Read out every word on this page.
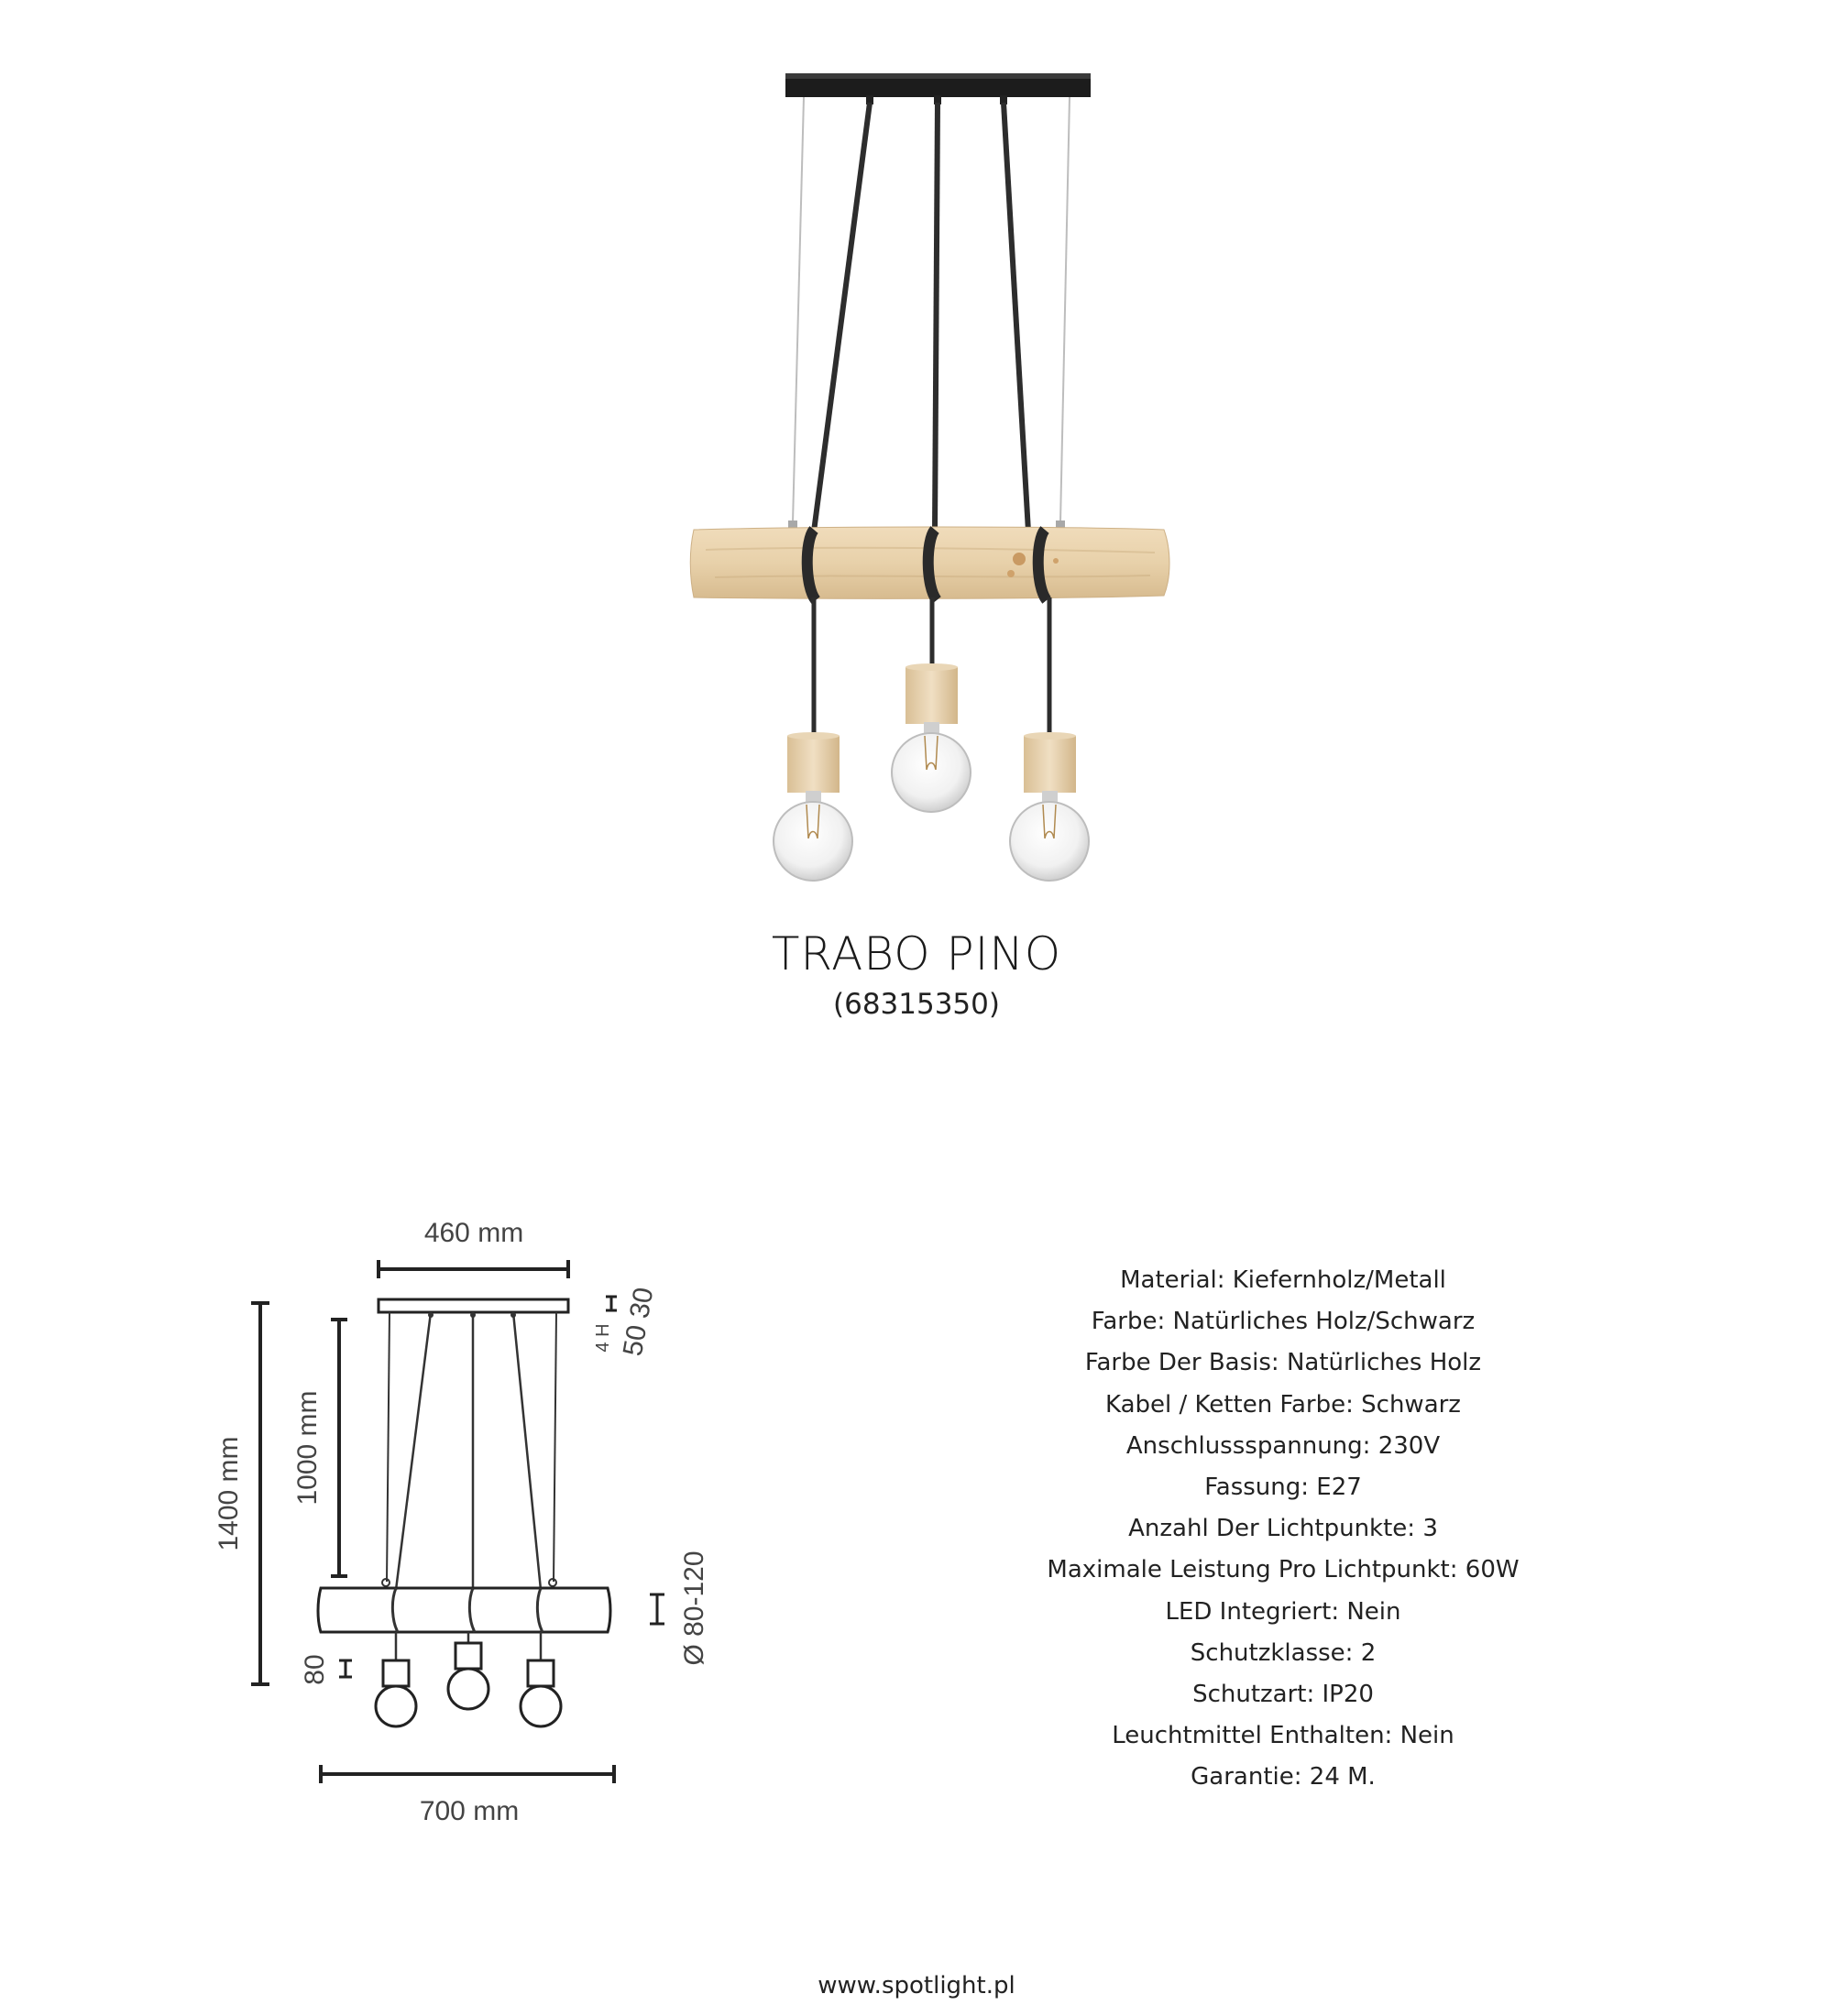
TRABO PINO
(68315350)
460 mm
1400 mm 1000 mm
4 H 50 30
Ø 80-120
80
700 mm
Material: Kiefernholz/Metall
Farbe: Natürliches Holz/Schwarz
Farbe Der Basis: Natürliches Holz
Kabel / Ketten Farbe: Schwarz
Anschlussspannung: 230V
Fassung: E27
Anzahl Der Lichtpunkte: 3
Maximale Leistung Pro Lichtpunkt: 60W
LED Integriert: Nein
Schutzklasse: 2
Schutzart: IP20
Leuchtmittel Enthalten: Nein
Garantie: 24 M.
www.spotlight.pl
